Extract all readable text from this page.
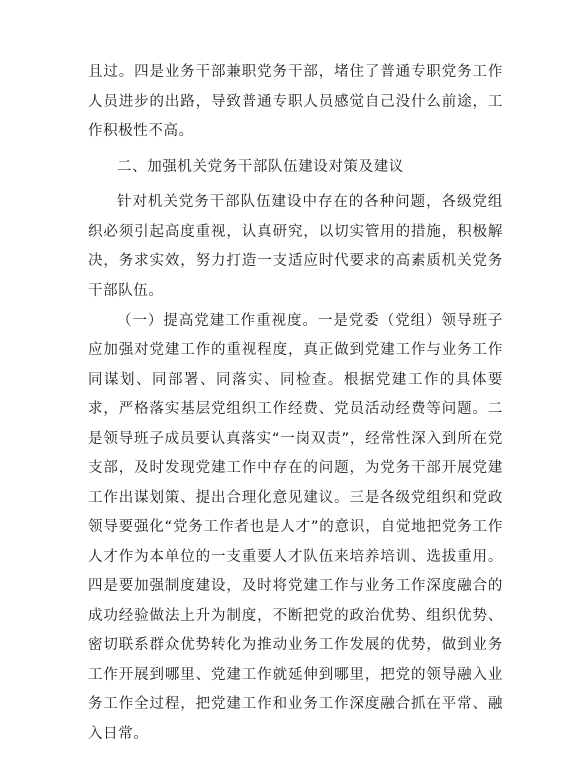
且过。四是业务干部兼职党务干部，堵住了普通专职党务工作人员进步的出路，导致普通专职人员感觉自己没什么前途，工作积极性不高。

二、加强机关党务干部队伍建设对策及建议

针对机关党务干部队伍建设中存在的各种问题，各级党组织必须引起高度重视，认真研究，以切实管用的措施，积极解决，务求实效，努力打造一支适应时代要求的高素质机关党务干部队伍。

（一）提高党建工作重视度。一是党委（党组）领导班子应加强对党建工作的重视程度，真正做到党建工作与业务工作同谋划、同部署、同落实、同检查。根据党建工作的具体要求，严格落实基层党组织工作经费、党员活动经费等问题。二是领导班子成员要认真落实“一岗双责”，经常性深入到所在党支部，及时发现党建工作中存在的问题，为党务干部开展党建工作出谋划策、提出合理化意见建议。三是各级党组织和党政领导要强化“党务工作者也是人才”的意识，自觉地把党务工作人才作为本单位的一支重要人才队伍来培养培训、选拔重用。四是要加强制度建设，及时将党建工作与业务工作深度融合的成功经验做法上升为制度，不断把党的政治优势、组织优势、密切联系群众优势转化为推动业务工作发展的优势，做到业务工作开展到哪里、党建工作就延伸到哪里，把党的领导融入业务工作全过程，把党建工作和业务工作深度融合抓在平常、融入日常。
